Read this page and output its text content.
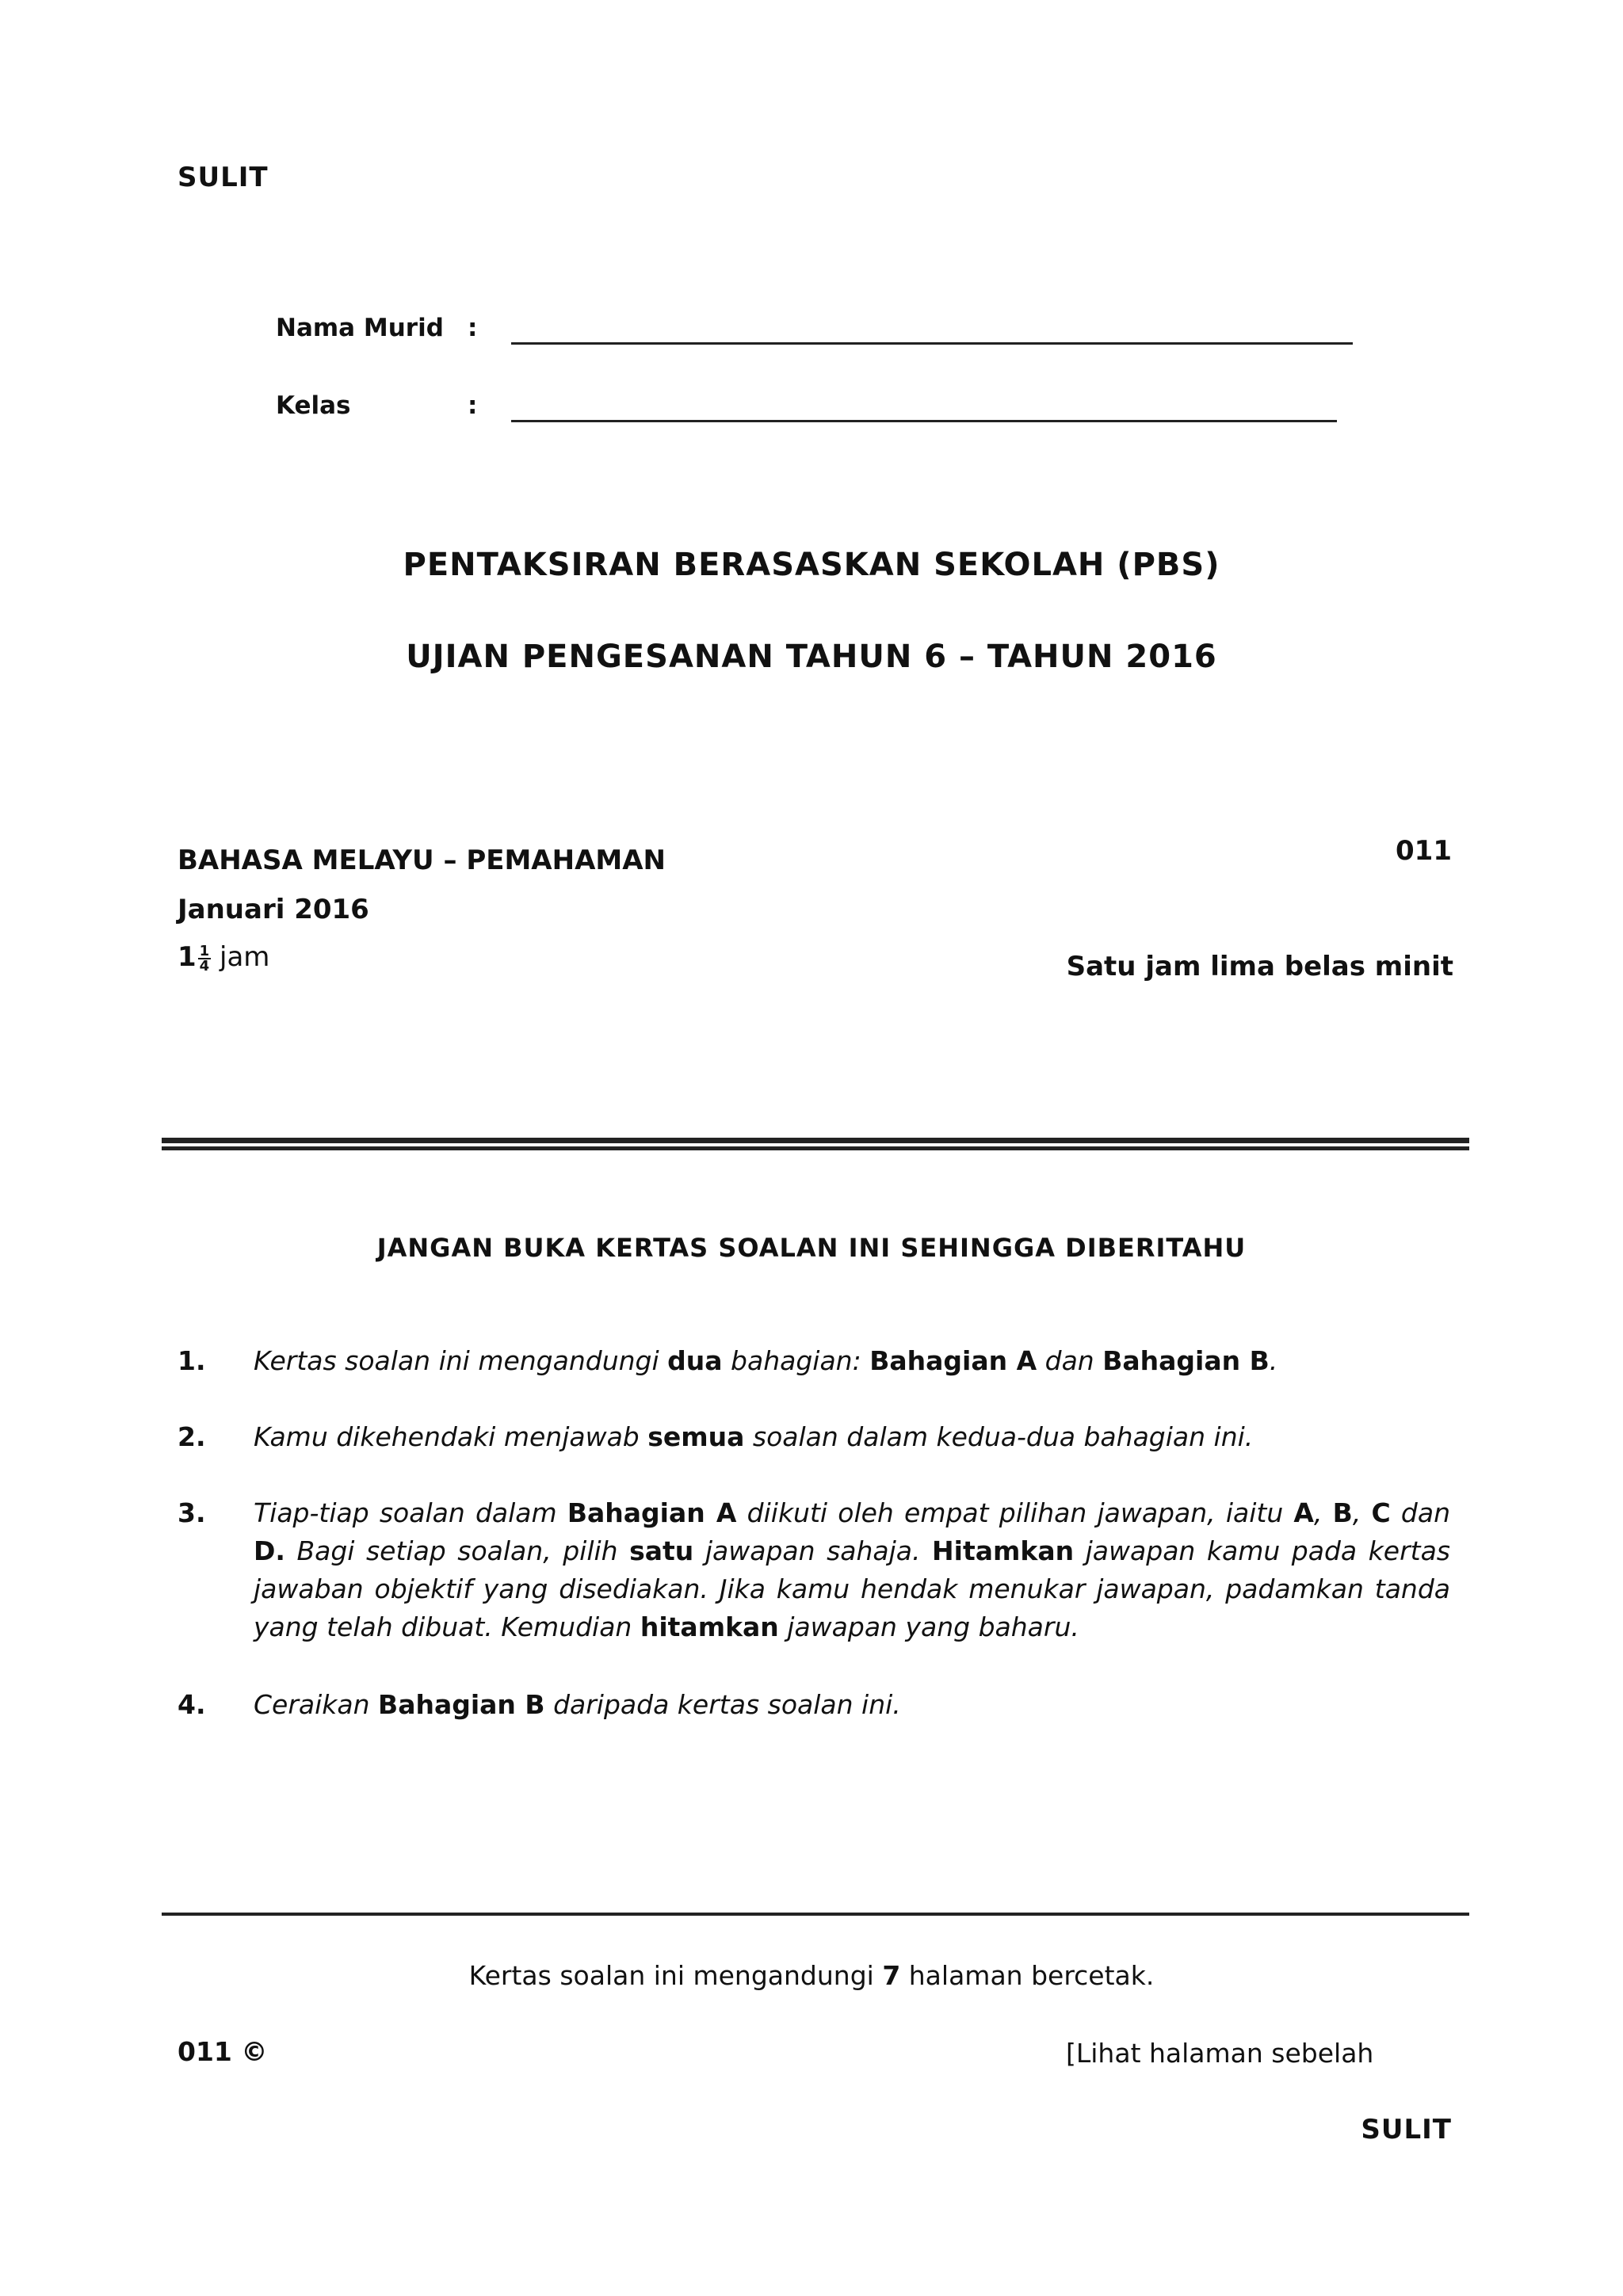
SULIT
Nama Murid :
Kelas	:
PENTAKSIRAN BERASASKAN SEKOLAH (PBS)
UJIAN PENGESANAN TAHUN 6 – TAHUN 2016
BAHASA MELAYU – PEMAHAMAN
Januari 2016
$1 \frac{1}{4}$ jam
011
Satu jam lima belas minit
JANGAN BUKA KERTAS SOALAN INI SEHINGGA DIBERITAHU
1. Kertas soalan ini mengandungi dua bahagian: Bahagian A dan Bahagian B.
2. Kamu dikehendaki menjawab semua soalan dalam kedua-dua bahagian ini.
3. Tiap-tiap soalan dalam Bahagian A diikuti oleh empat pilihan jawapan, iaitu A, B, C dan D. Bagi setiap soalan, pilih satu jawapan sahaja. Hitamkan jawapan kamu pada kertas jawaban objektif yang disediakan. Jika kamu hendak menukar jawapan, padamkan tanda yang telah dibuat. Kemudian hitamkan jawapan yang baharu.
4. Ceraikan Bahagian B daripada kertas soalan ini.
Kertas soalan ini mengandungi 7 halaman bercetak.
011 ©	[Lihat halaman sebelah
SULIT
